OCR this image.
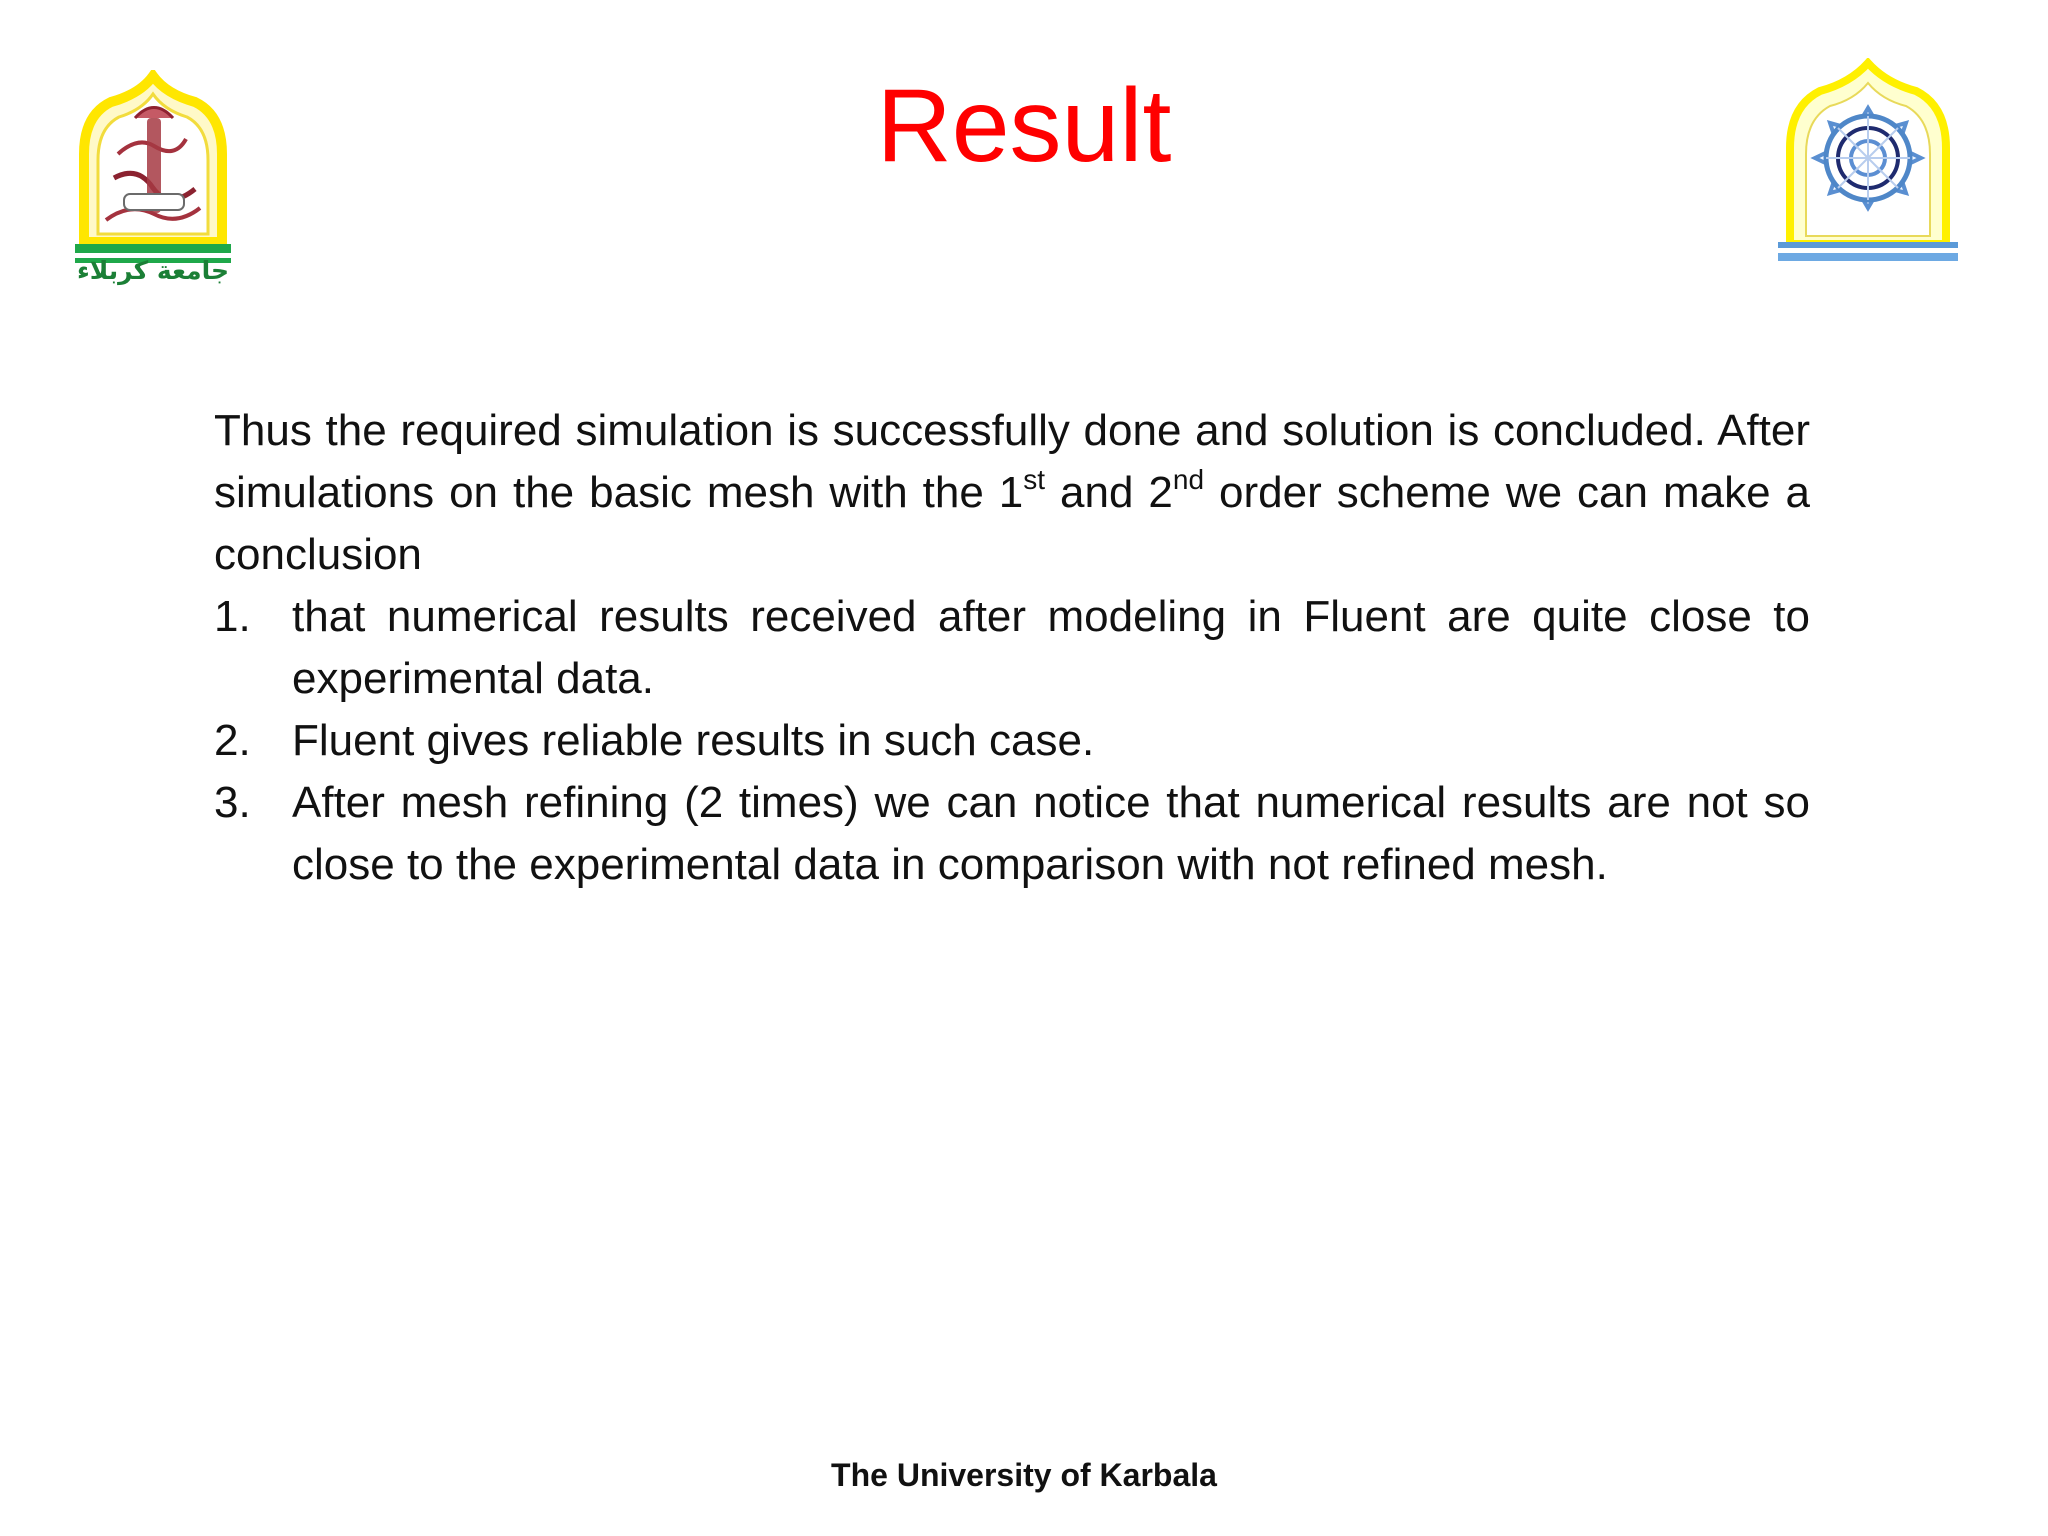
جامعة كربلاء
Result

Thus the required simulation is successfully done and solution is concluded. After simulations on the basic mesh with the 1st and 2nd order scheme we can make a conclusion

1. that numerical results received after modeling in Fluent are quite close to experimental data.
2. Fluent gives reliable results in such case.
3. After mesh refining (2 times) we can notice that numerical results are not so close to the experimental data in comparison with not refined mesh.
The University of Karbala
